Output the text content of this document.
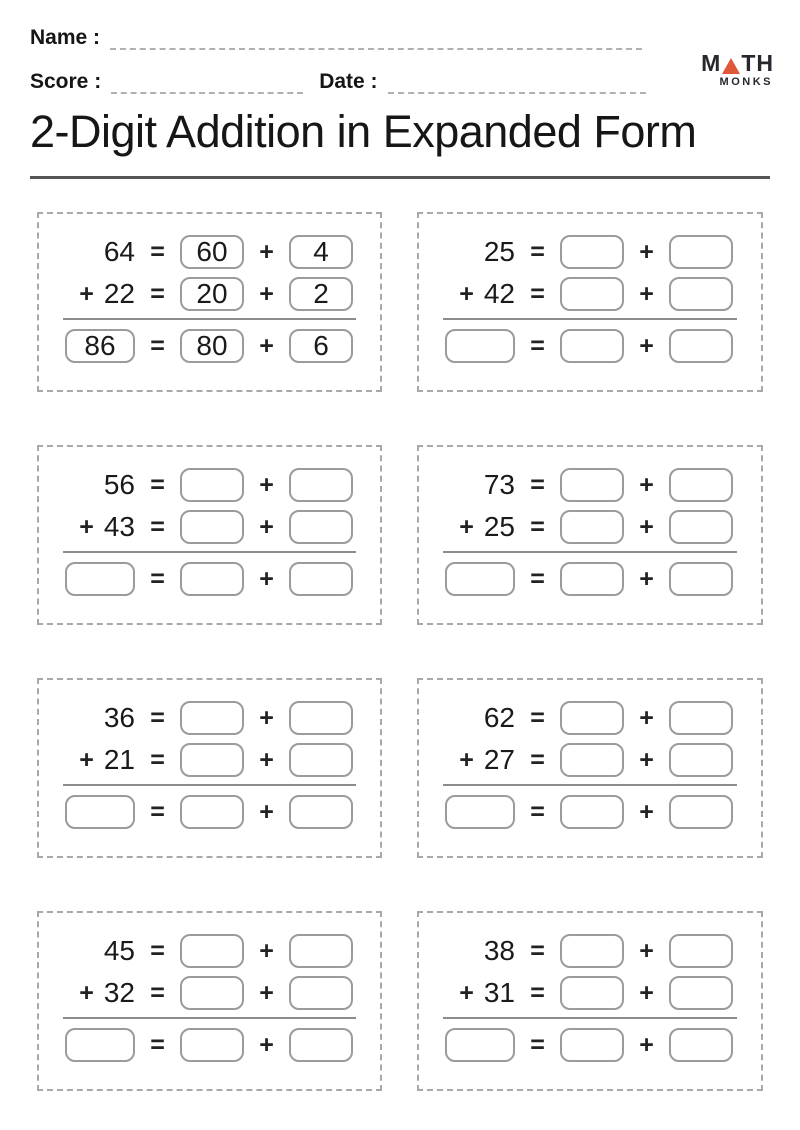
Name :
Score :	Date :
M TH
MONKS
2-Digit Addition in Expanded Form
64 =	60	+	4
+ 22 =	20	+	2
86	=	80	+	6
25 =	+
+ 42 =	+
=	+
56 =	+
+ 43 =	+
=	+
73 =	+
+ 25 =	+
=	+
36 =	+
+ 21 =	+
=	+
62 =	+
+ 27 =	+
=	+
45 =	+
+ 32 =	+
=	+
38 =	+
+ 31 =	+
=	+
